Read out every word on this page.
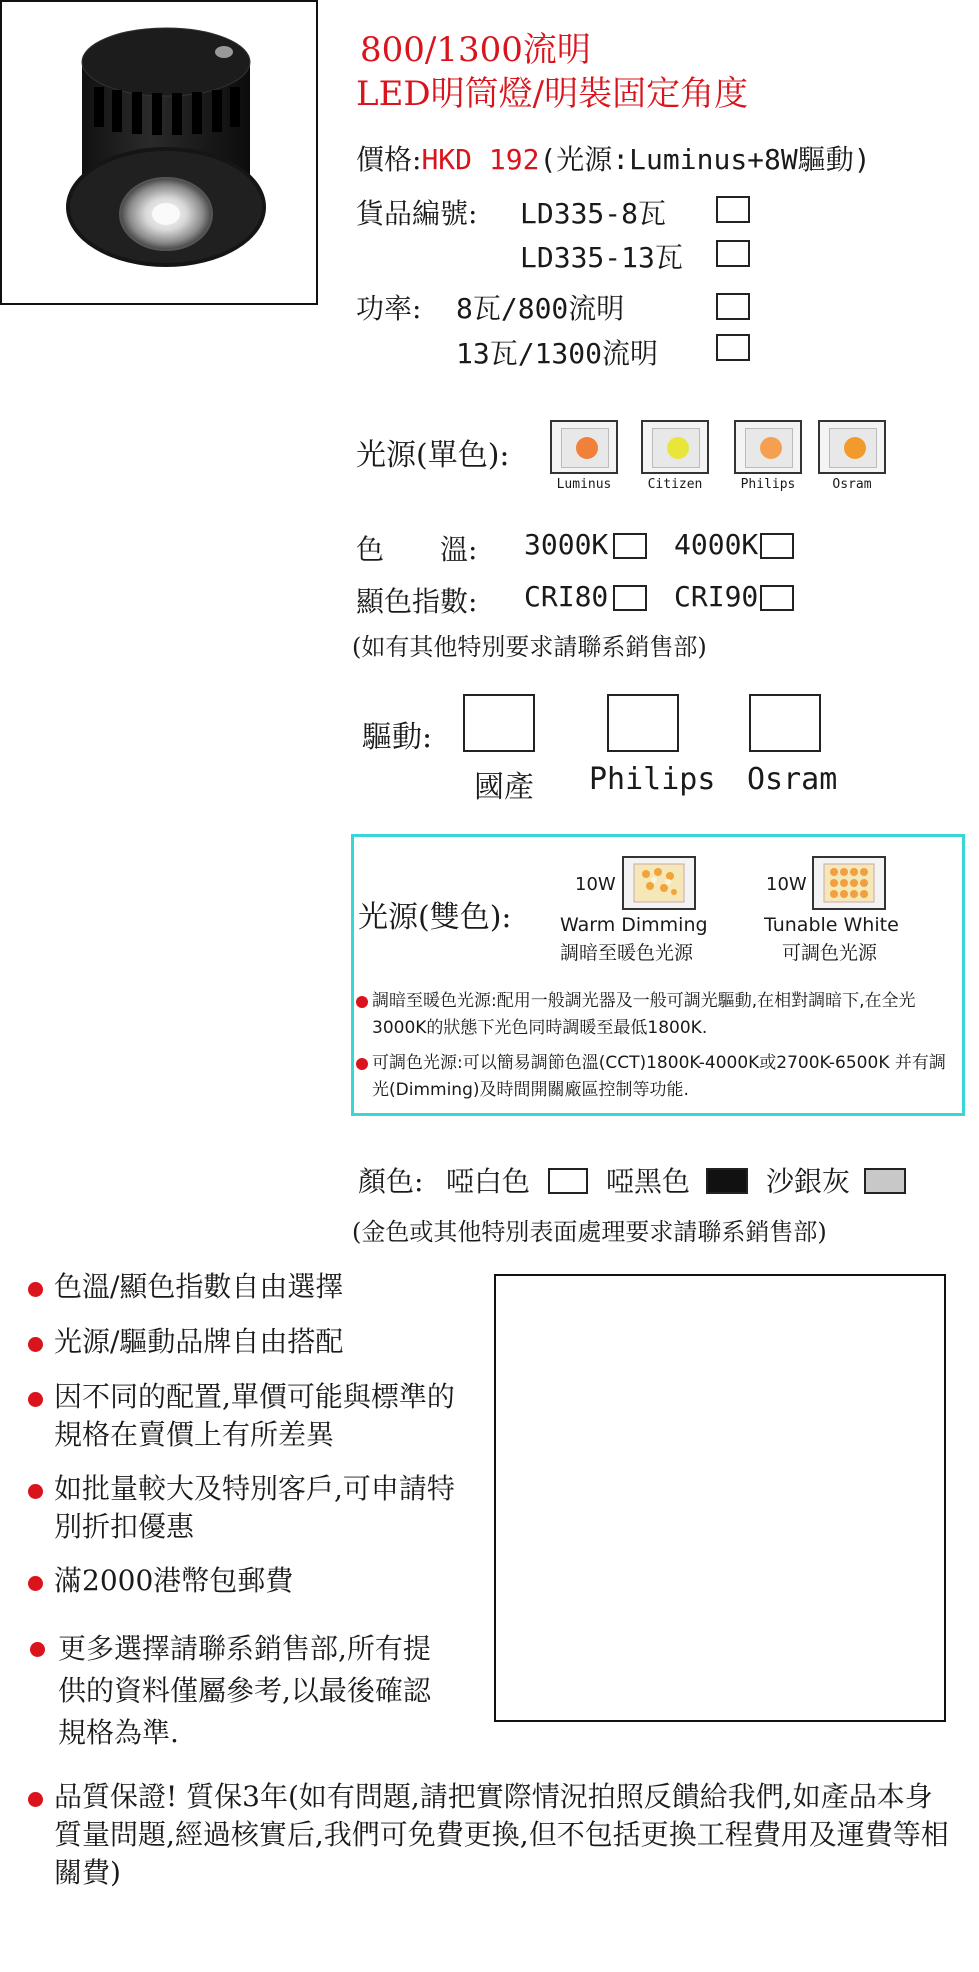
800/1300流明
LED明筒燈/明裝固定角度
價格:HKD 192(光源:Luminus+8W驅動)
貨品編號: LD335-8瓦
LD335-13瓦
功率: 8瓦/800流明
13瓦/1300流明
光源(單色):
Luminus	Citizen	Philips	Osram
色　　溫: 3000K 4000K
顯色指數: CRI80 CRI90
(如有其他特別要求請聯系銷售部)
驅動:
國產 Philips Osram
光源(雙色):
10W
Warm Dimming
調暗至暖色光源
10W
Tunable White
可調色光源
調暗至暖色光源:配用一般調光器及一般可調光驅動,在相對調暗下,在全光3000K的狀態下光色同時調暖至最低1800K.
可調色光源:可以簡易調節色溫(CCT)1800K-4000K或2700K-6500K 并有調光(Dimming)及時間開關廠區控制等功能.
顏色: 啞白色	啞黑色	沙銀灰
(金色或其他特別表面處理要求請聯系銷售部)
色溫/顯色指數自由選擇
光源/驅動品牌自由搭配
因不同的配置,單價可能與標準的規格在賣價上有所差異
如批量較大及特別客戶,可申請特別折扣優惠
滿2000港幣包郵費
更多選擇請聯系銷售部,所有提供的資料僅屬參考,以最後確認規格為準.
品質保證! 質保3年(如有問題,請把實際情況拍照反饋給我們,如產品本身質量問題,經過核實后,我們可免費更換,但不包括更換工程費用及運費等相關費)
